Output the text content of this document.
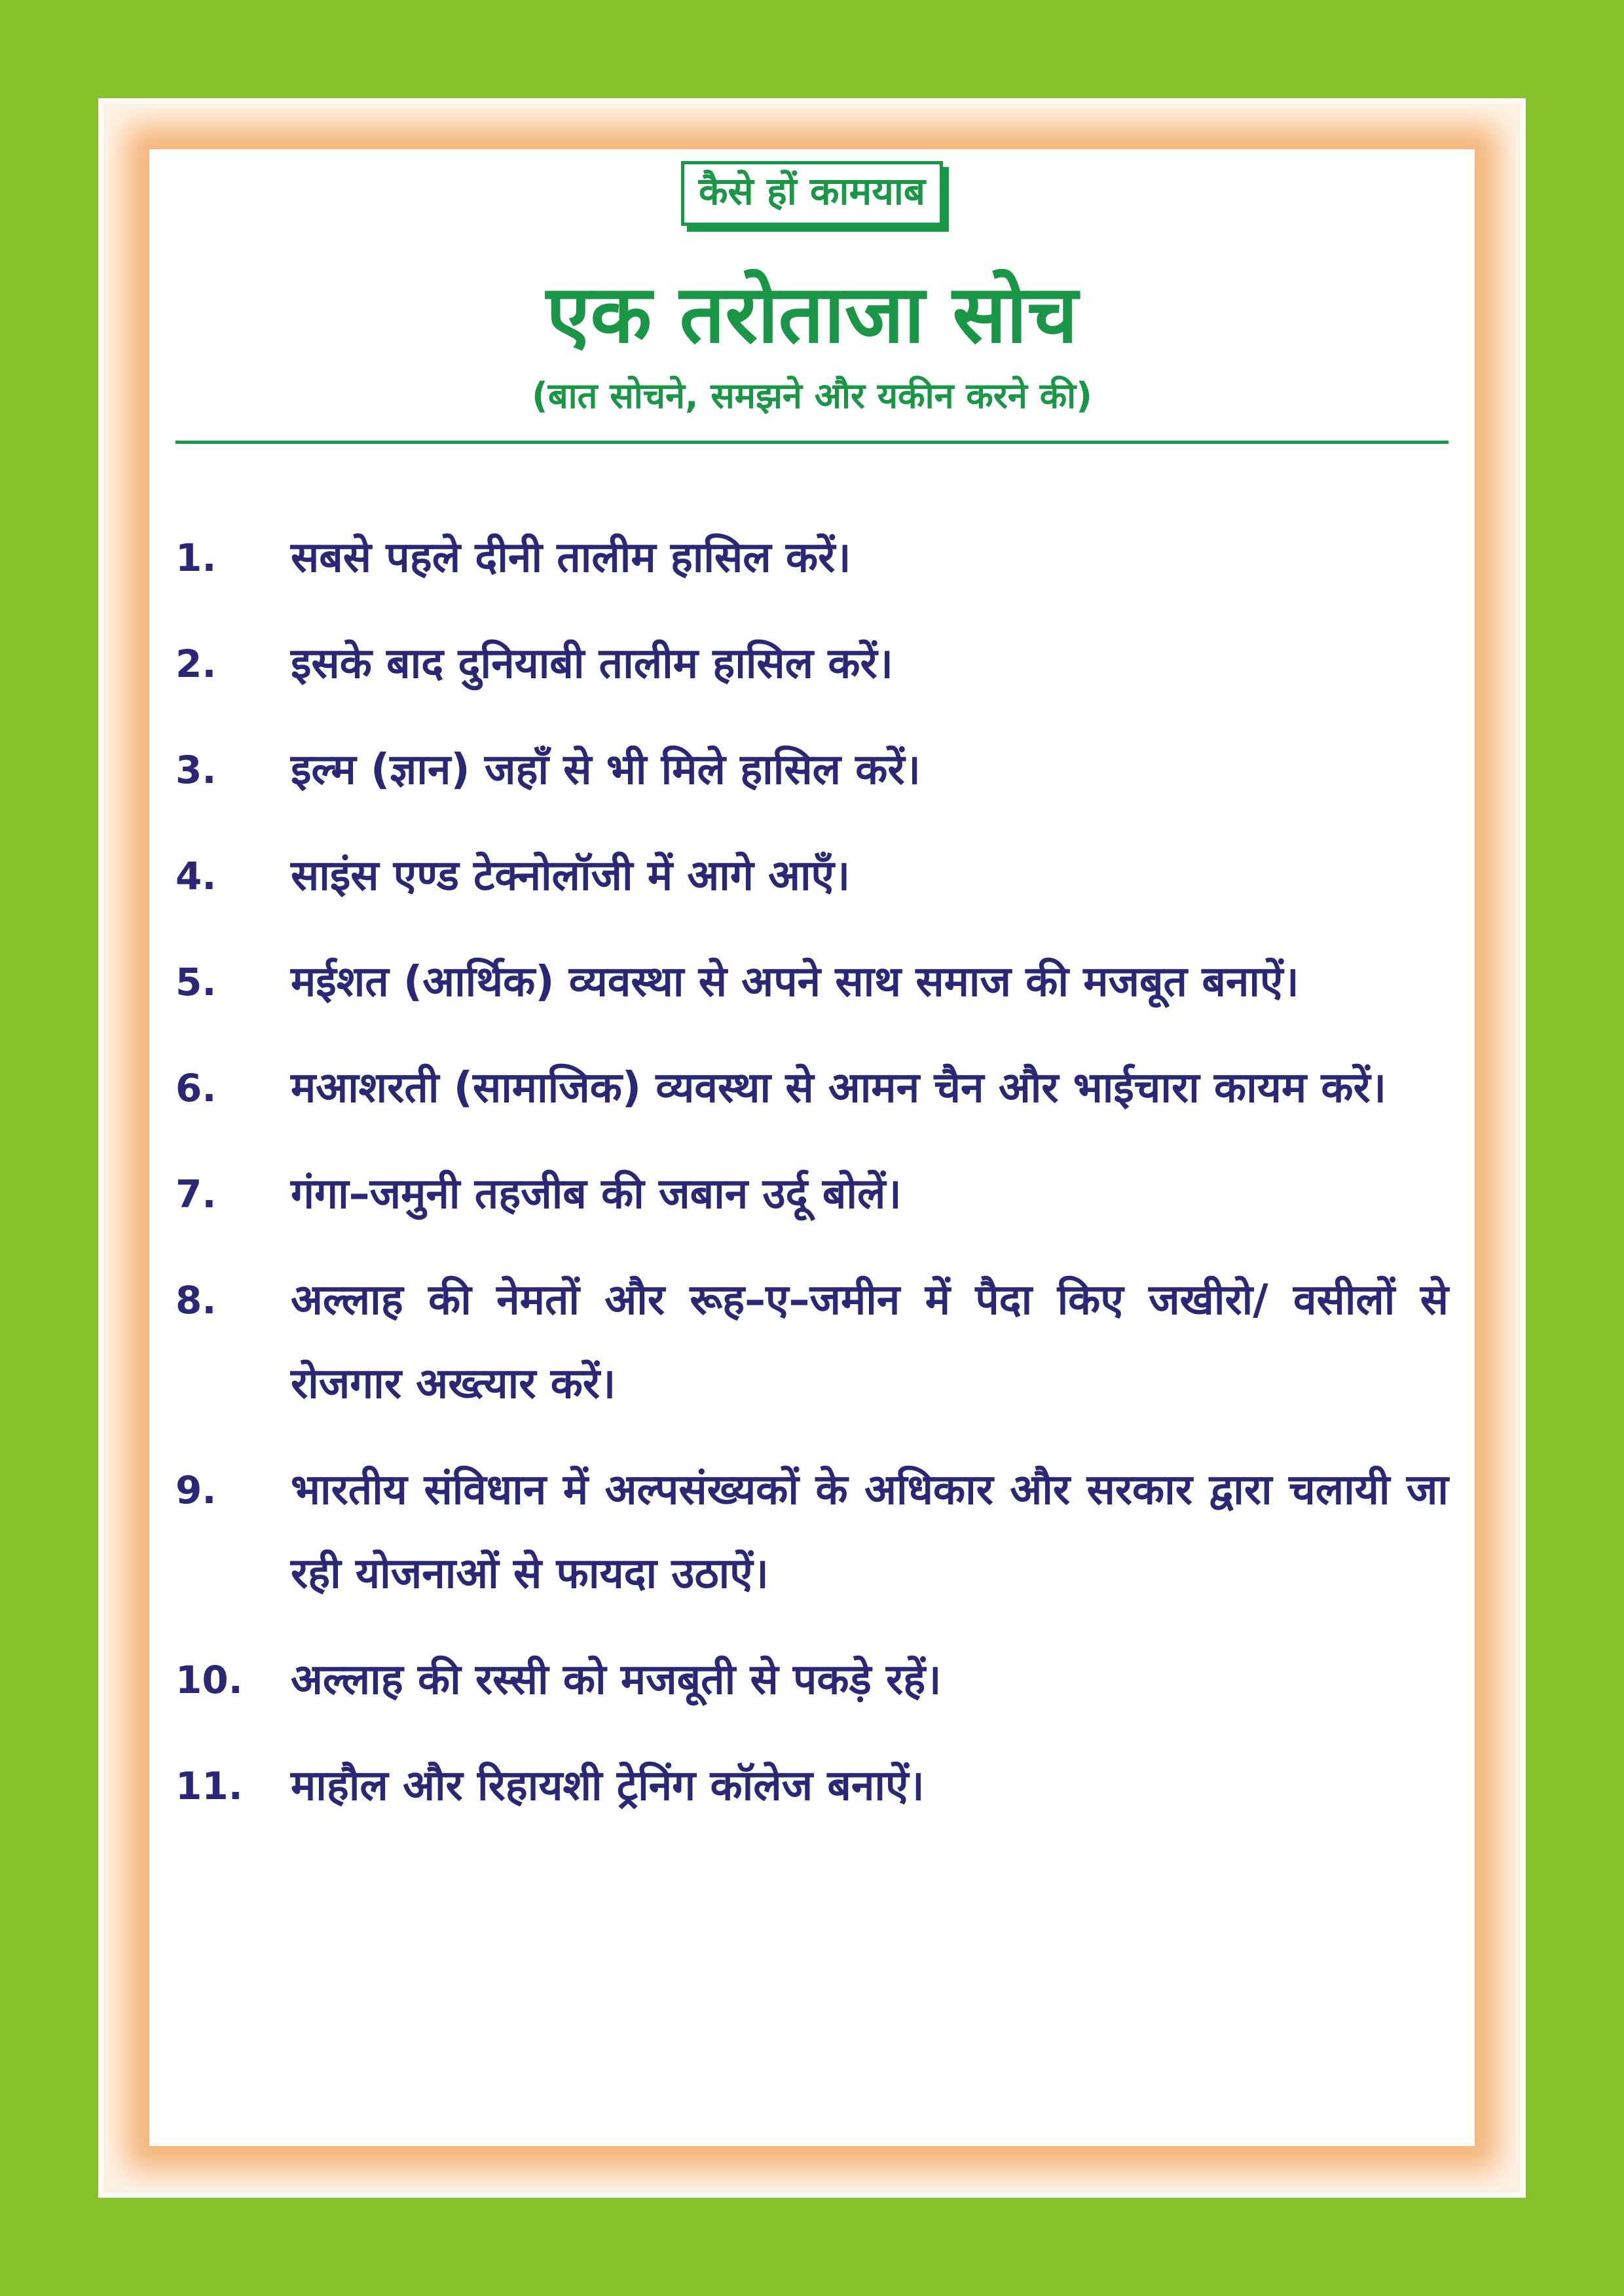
कैसे हों कामयाब
एक तरोताजा सोच
(बात सोचने, समझने और यकीन करने की)
1.	सबसे पहले दीनी तालीम हासिल करें।
2.	इसके बाद दुनियाबी तालीम हासिल करें।
3.	इल्म (ज्ञान) जहाँ से भी मिले हासिल करें।
4.	साइंस एण्ड टेक्नोलॉजी में आगे आएँ।
5.	मईशत (आर्थिक) व्यवस्था से अपने साथ समाज की मजबूत बनाऐं।
6.	मआशरती (सामाजिक) व्यवस्था से आमन चैन और भाईचारा कायम करें।
7.	गंगा–जमुनी तहजीब की जबान उर्दू बोलें।
8.	अल्लाह की नेमतों और रूह–ए–जमीन में पैदा किए जखीरो/ वसीलों से रोजगार अख्त्यार करें।
9.	भारतीय संविधान में अल्पसंख्यकों के अधिकार और सरकार द्वारा चलायी जा रही योजनाओं से फायदा उठाऐं।
10.	अल्लाह की रस्सी को मजबूती से पकड़े रहें।
11.	माहौल और रिहायशी ट्रेनिंग कॉलेज बनाऐं।
